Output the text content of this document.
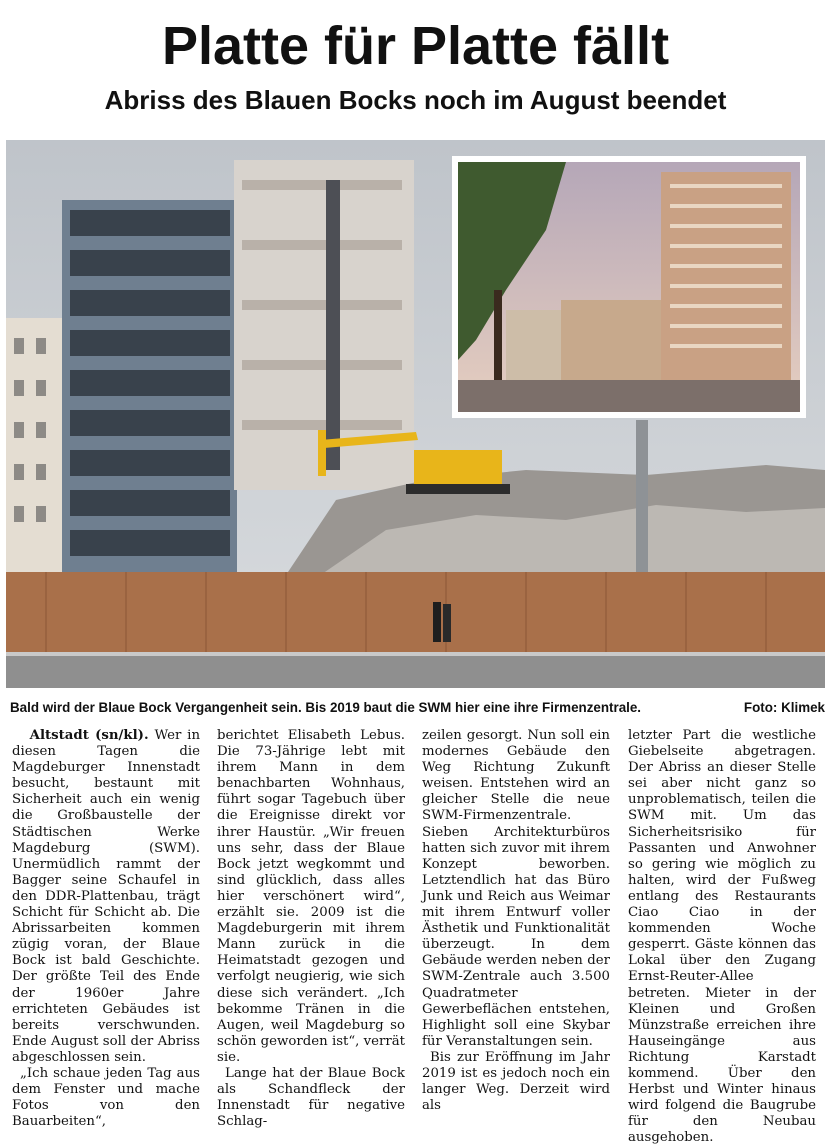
Platte für Platte fällt
Abriss des Blauen Bocks noch im August beendet
Bald wird der Blaue Bock Vergangenheit sein. Bis 2019 baut die SWM hier eine ihre Firmenzentrale.	Foto: Klimek

Altstadt (sn/kl). Wer in diesen Tagen die Magdeburger Innenstadt besucht, bestaunt mit Sicherheit auch ein wenig die Großbaustelle der Städtischen Werke Magdeburg (SWM). Unermüdlich rammt der Bagger seine Schaufel in den DDR-Plattenbau, trägt Schicht für Schicht ab. Die Abrissarbeiten kommen zügig voran, der Blaue Bock ist bald Geschichte. Der größte Teil des Ende der 1960er Jahre errichteten Gebäudes ist bereits verschwunden. Ende August soll der Abriss abgeschlossen sein.

„Ich schaue jeden Tag aus dem Fenster und mache Fotos von den Bauarbeiten“,

berichtet Elisabeth Lebus. Die 73-Jährige lebt mit ihrem Mann in dem benachbarten Wohnhaus, führt sogar Tagebuch über die Ereignisse direkt vor ihrer Haustür. „Wir freuen uns sehr, dass der Blaue Bock jetzt wegkommt und sind glücklich, dass alles hier verschönert wird“, erzählt sie. 2009 ist die Magdeburgerin mit ihrem Mann zurück in die Heimatstadt gezogen und verfolgt neugierig, wie sich diese sich verändert. „Ich bekomme Tränen in die Augen, weil Magdeburg so schön geworden ist“, verrät sie.

Lange hat der Blaue Bock als Schandfleck der Innenstadt für negative Schlag-

zeilen gesorgt. Nun soll ein modernes Gebäude den Weg Richtung Zukunft weisen. Entstehen wird an gleicher Stelle die neue SWM-Firmenzentrale. Sieben Architekturbüros hatten sich zuvor mit ihrem Konzept beworben. Letztendlich hat das Büro Junk und Reich aus Weimar mit ihrem Entwurf voller Ästhetik und Funktionalität überzeugt. In dem Gebäude werden neben der SWM-Zentrale auch 3.500 Quadratmeter Gewerbeflächen entstehen, Highlight soll eine Skybar für Veranstaltungen sein.

Bis zur Eröffnung im Jahr 2019 ist es jedoch noch ein langer Weg. Derzeit wird als

letzter Part die westliche Giebelseite abgetragen. Der Abriss an dieser Stelle sei aber nicht ganz so unproblematisch, teilen die SWM mit. Um das Sicherheitsrisiko für Passanten und Anwohner so gering wie möglich zu halten, wird der Fußweg entlang des Restaurants Ciao Ciao in der kommenden Woche gesperrt. Gäste können das Lokal über den Zugang Ernst-Reuter-Allee betreten. Mieter in der Kleinen und Großen Münzstraße erreichen ihre Hauseingänge aus Richtung Karstadt kommend. Über den Herbst und Winter hinaus wird folgend die Baugrube für den Neubau ausgehoben.
